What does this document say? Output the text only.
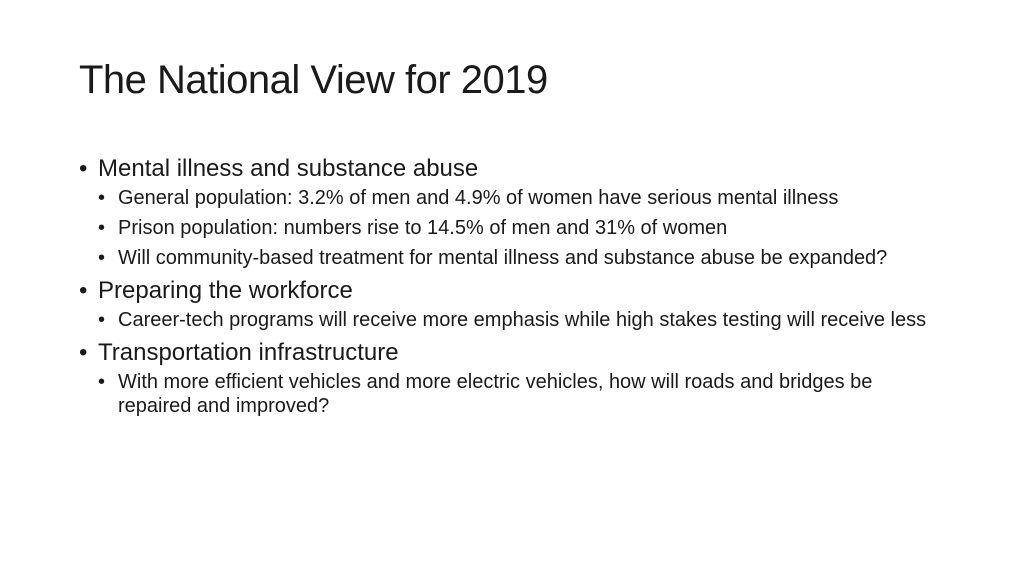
The National View for 2019
• Mental illness and substance abuse
• General population: 3.2% of men and 4.9% of women have serious mental illness
• Prison population: numbers rise to 14.5% of men and 31% of women
• Will community-based treatment for mental illness and substance abuse be expanded?
• Preparing the workforce
• Career-tech programs will receive more emphasis while high stakes testing will receive less
• Transportation infrastructure
• With more efficient vehicles and more electric vehicles, how will roads and bridges be repaired and improved?
